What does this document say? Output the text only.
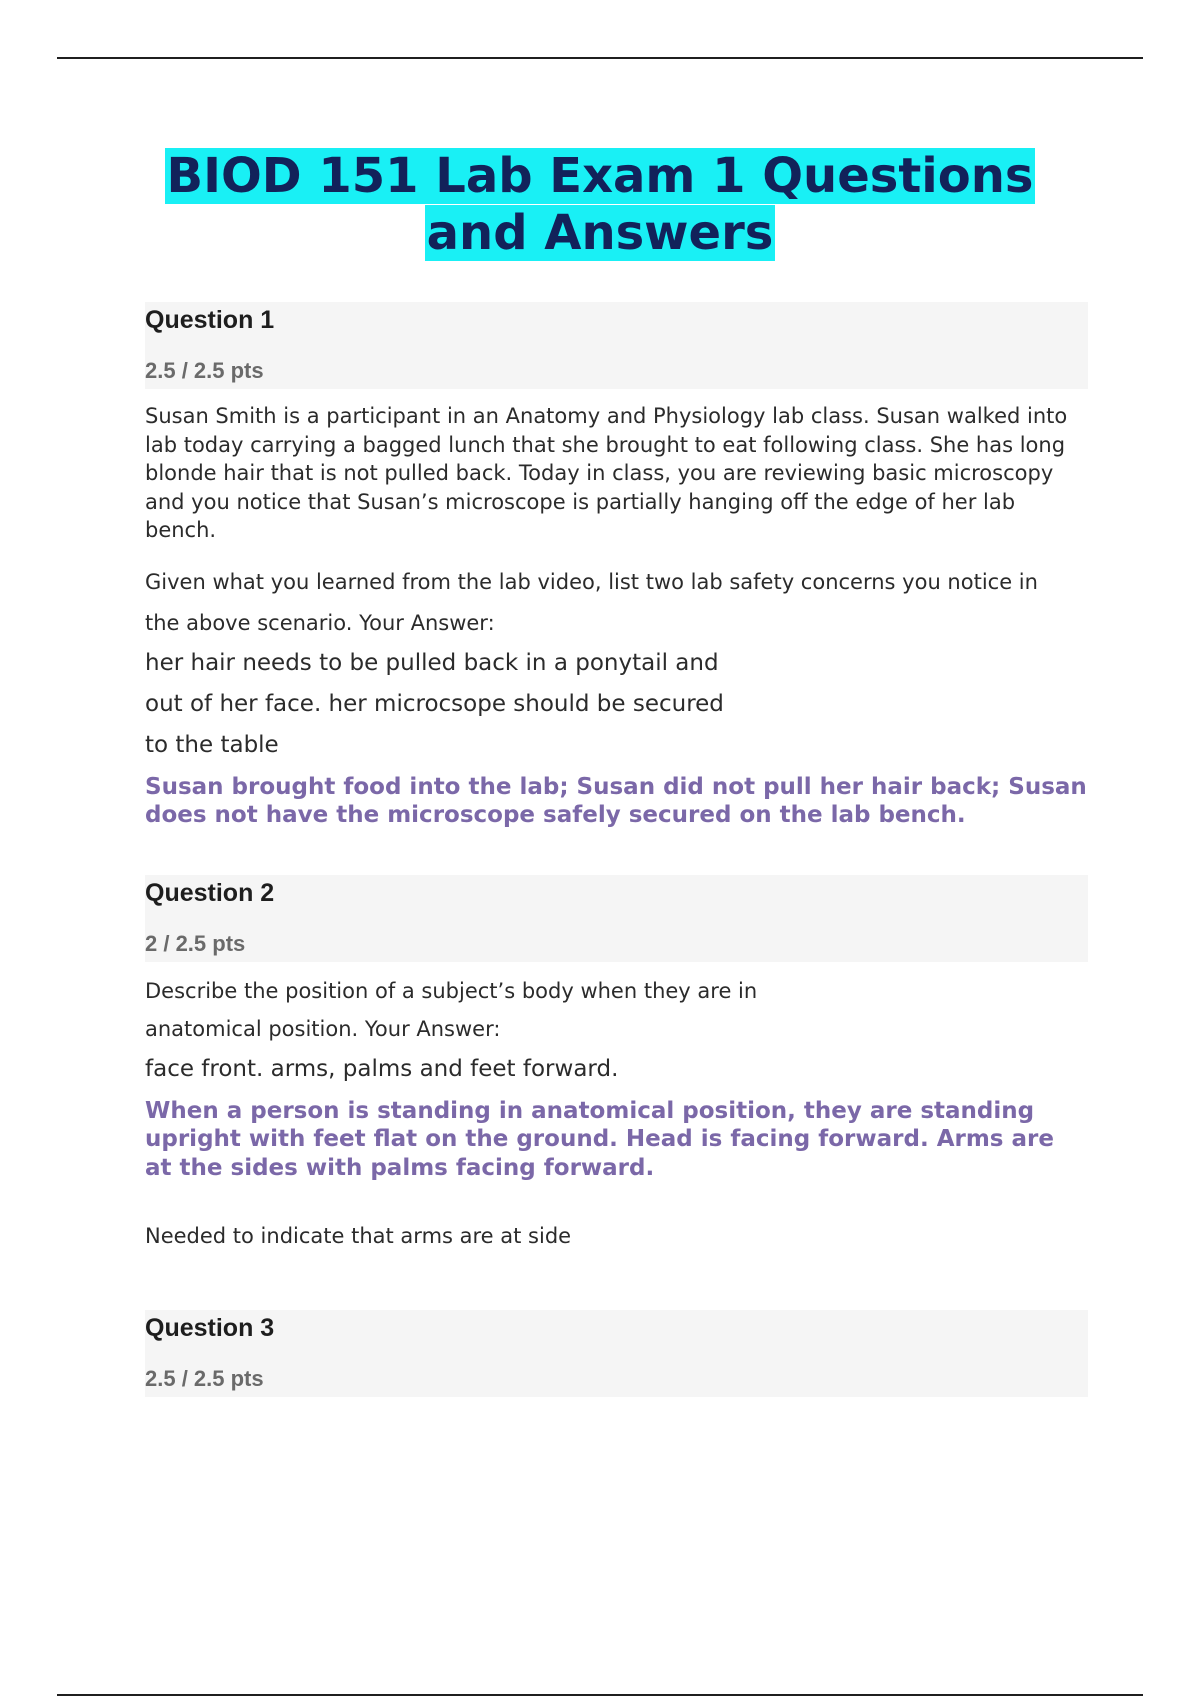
BIOD 151 Lab Exam 1 Questions
and Answers
Question 1
2.5 / 2.5 pts
Susan Smith is a participant in an Anatomy and Physiology lab class. Susan walked into lab today carrying a bagged lunch that she brought to eat following class. She has long blonde hair that is not pulled back. Today in class, you are reviewing basic microscopy and you notice that Susan’s microscope is partially hanging off the edge of her lab bench.
Given what you learned from the lab video, list two lab safety concerns you notice in
the above scenario. Your Answer:
her hair needs to be pulled back in a ponytail and
out of her face. her microcsope should be secured
to the table
Susan brought food into the lab; Susan did not pull her hair back; Susan does not have the microscope safely secured on the lab bench.
Question 2
2 / 2.5 pts
Describe the position of a subject’s body when they are in
anatomical position. Your Answer:
face front. arms, palms and feet forward.
When a person is standing in anatomical position, they are standing upright with feet flat on the ground. Head is facing forward. Arms are at the sides with palms facing forward.
Needed to indicate that arms are at side
Question 3
2.5 / 2.5 pts
